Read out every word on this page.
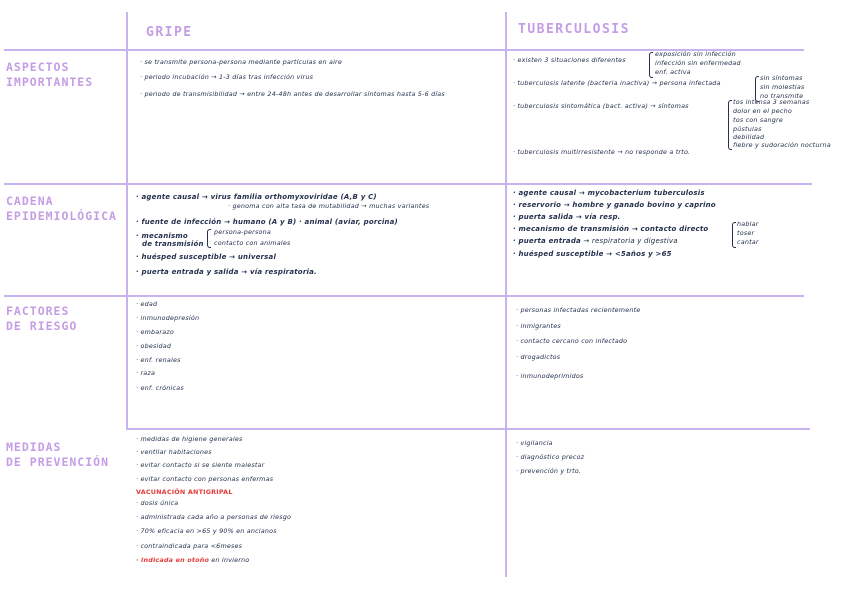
GRIPE	TUBERCULOSIS
ASPECTOS
IMPORTANTES
CADENA
EPIDEMIOLÓGICA
FACTORES
DE RIESGO
MEDIDAS
DE PREVENCIÓN
· se transmite persona-persona mediante partículas en aire
· periodo incubación → 1-3 días tras infección virus
· periodo de transmisibilidad → entre 24-48h antes de desarrollar síntomas hasta 5-6 días
· agente causal → virus familia orthomyxoviridae (A,B y C)
· genoma con alta tasa de mutabilidad → muchas variantes
· fuente de infección → humano (A y B) · animal (aviar, porcina)
· mecanismo
de transmisión
persona-persona
contacto con animales
· huésped susceptible → universal
· puerta entrada y salida → vía respiratoria.
· edad
· inmunodepresión
· embarazo
· obesidad
· enf. renales
· raza
· enf. crónicas
· medidas de higiene generales
· ventilar habitaciones
· evitar contacto si se siente malestar
· evitar contacto con personas enfermas
VACUNACIÓN ANTIGRIPAL
· dosis única
· administrada cada año a personas de riesgo
· 70% eficacia en >65 y 90% en ancianos
· contraindicada para <6meses
· indicada en otoño en invierno
· existen 3 situaciones diferentes
exposición sin infección
infección sin enfermedad
enf. activa
· tuberculosis latente (bacteria inactiva) → persona infectada
sin síntomas
sin molestias
no transmite
· tuberculosis sintomática (bact. activa) → síntomas	tos intensa 3 semanas
dolor en el pecho
tos con sangre
pústulas
debilidad
fiebre y sudoración nocturna
· tuberculosis multirresistente → no responde a trto.
· agente causal → mycobacterium tuberculosis
· reservorio → hombre y ganado bovino y caprino
· puerta salida → vía resp.
· mecanismo de transmisión → contacto directo
hablar
toser
cantar
· puerta entrada → respiratoria y digestiva
· huésped susceptible → <5años y >65
· personas infectadas recientemente
· inmigrantes
· contacto cercano con infectado
· drogadictos
· inmunodeprimidos
· vigilancia
· diagnóstico precoz
· prevención y trto.
